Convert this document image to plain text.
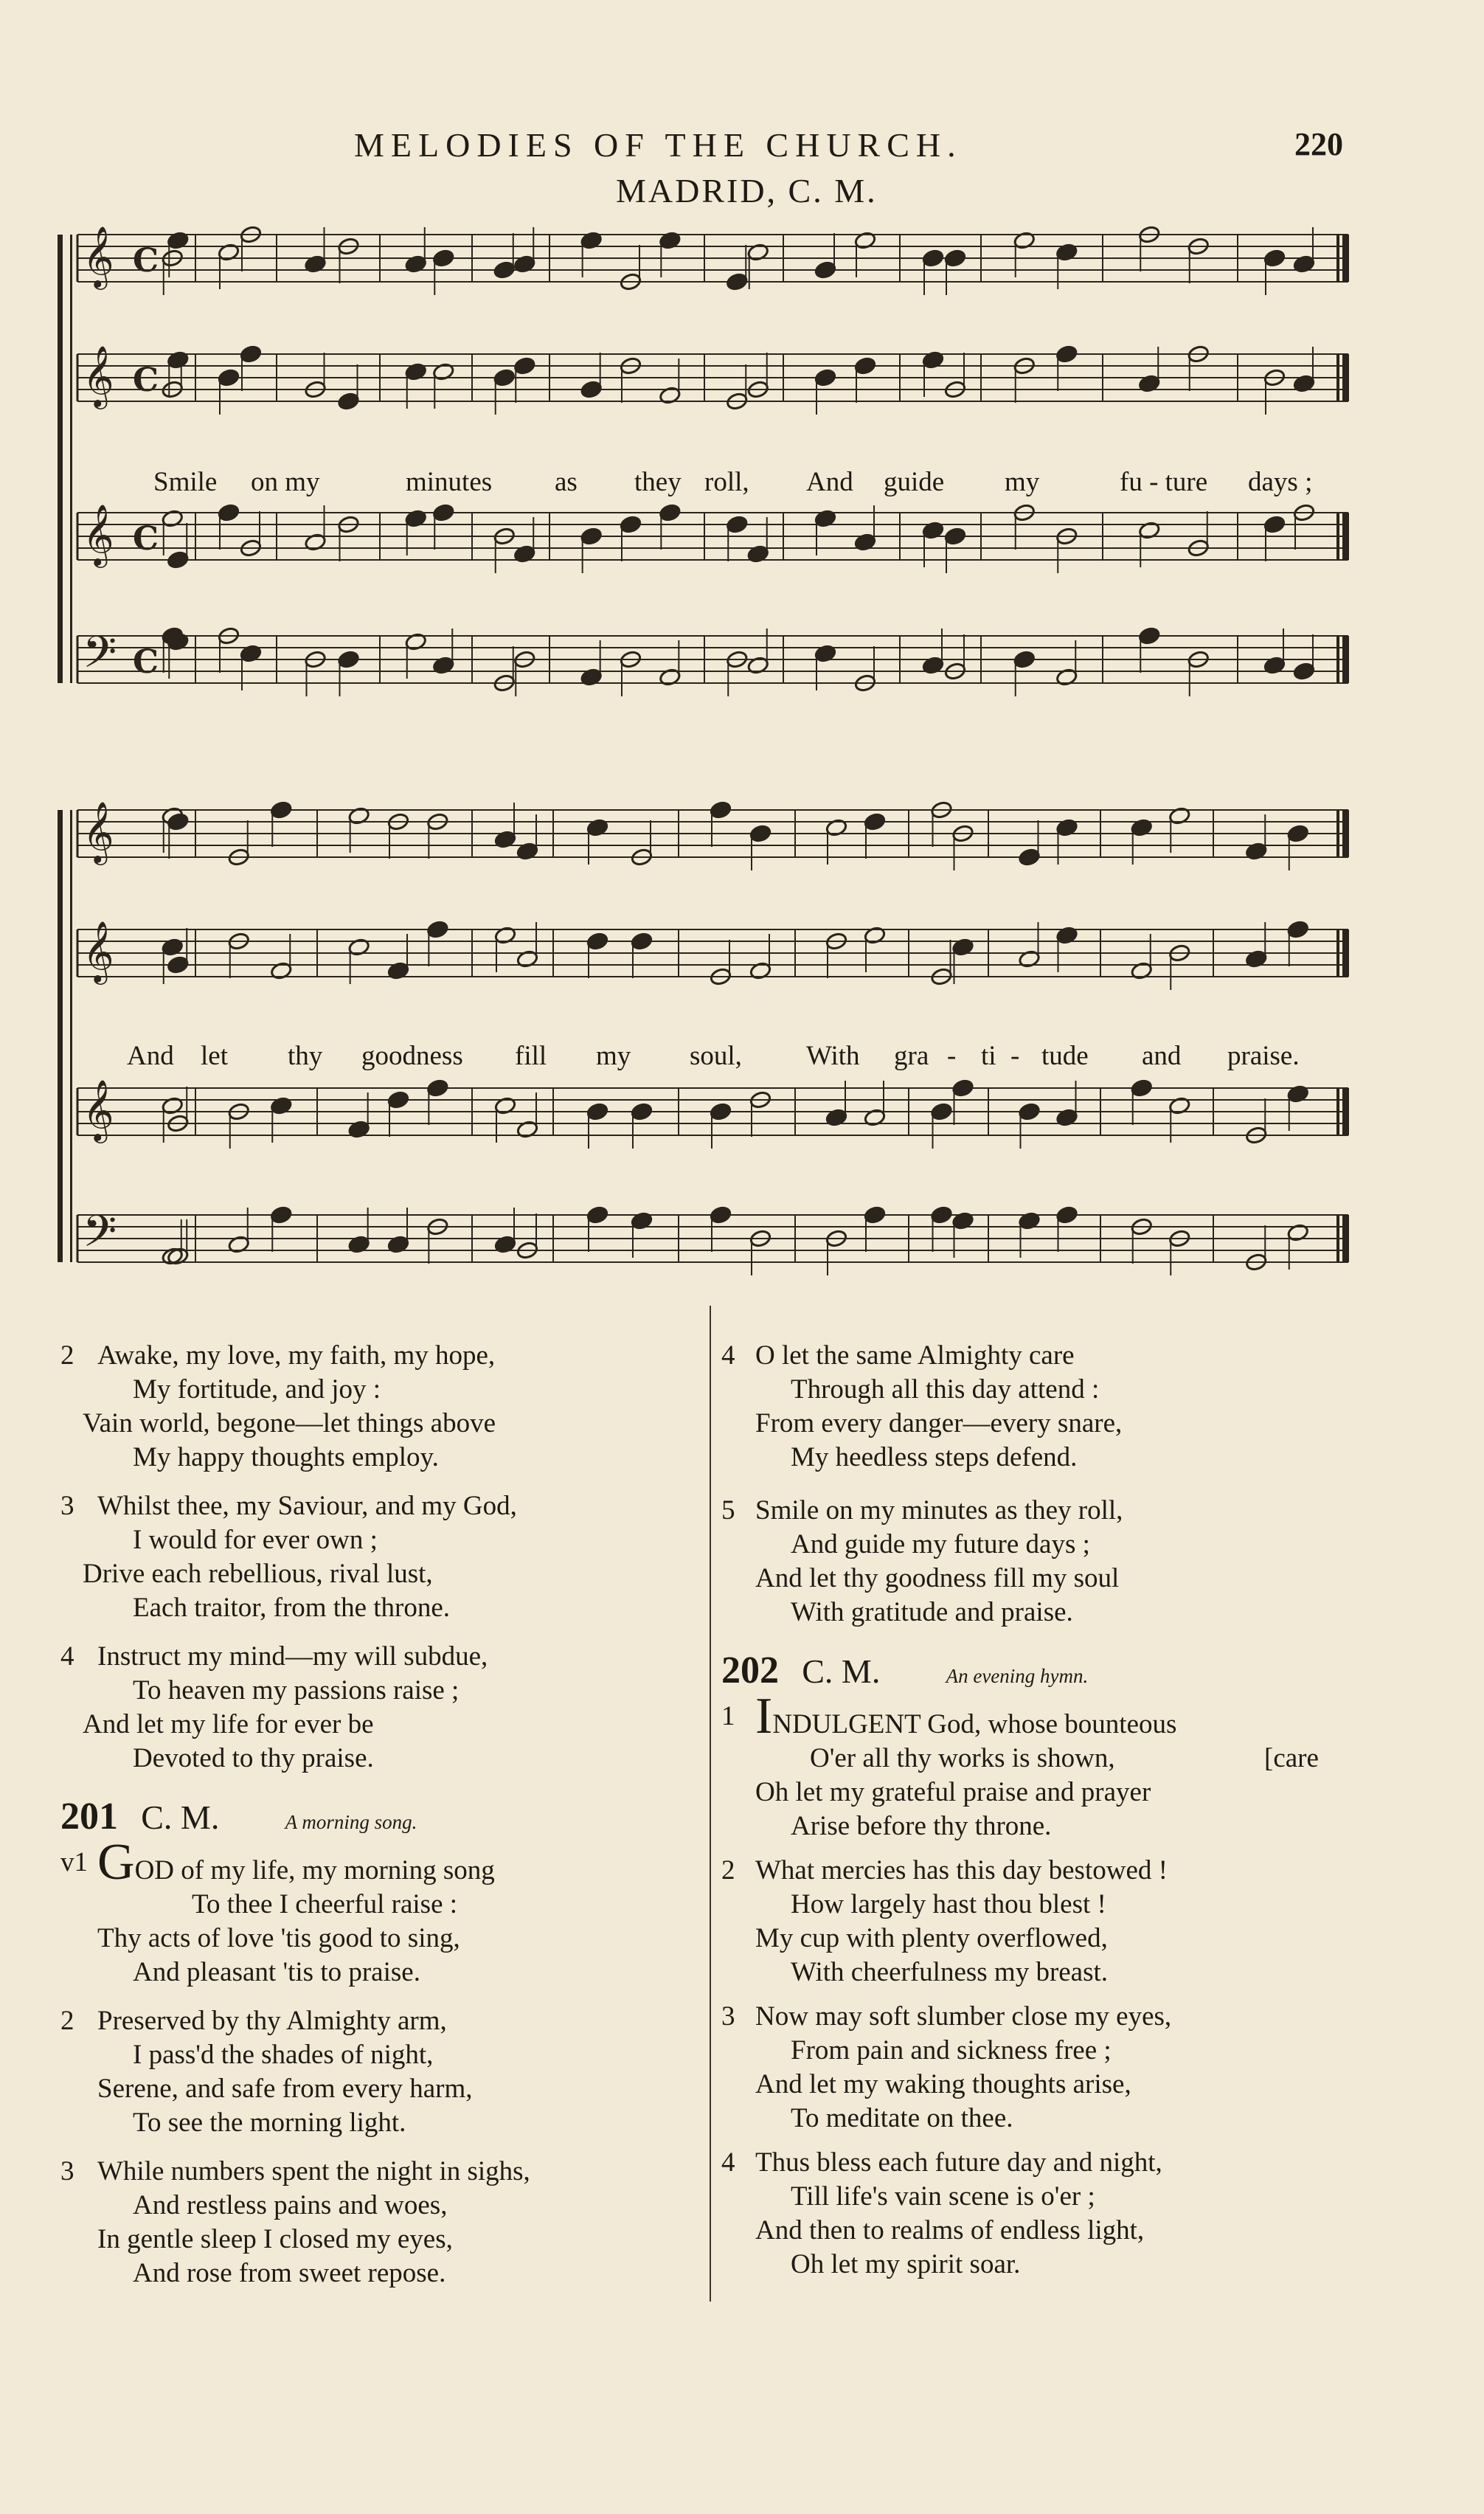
MELODIES OF THE CHURCH.	220
MADRID, C. M.
𝄞 C
𝄞 C
𝄞 C
𝄢 C
𝄞
𝄞
𝄞
𝄢
Smile on my	minutes as they roll, And guide my	fu - ture days ;
And let thy goodness fill my soul, With gra - ti - tude and praise.
2 Awake, my love, my faith, my hope,
My fortitude, and joy :
Vain world, begone—let things above
My happy thoughts employ.
3 Whilst thee, my Saviour, and my God,
I would for ever own ;
Drive each rebellious, rival lust,
Each traitor, from the throne.
4 Instruct my mind—my will subdue,
To heaven my passions raise ;
And let my life for ever be
Devoted to thy praise.
201 C. M.	A morning song.
v1 GOD of my life, my morning song
To thee I cheerful raise :
Thy acts of love 'tis good to sing,
And pleasant 'tis to praise.
2 Preserved by thy Almighty arm,
I pass'd the shades of night,
Serene, and safe from every harm,
To see the morning light.
3 While numbers spent the night in sighs,
And restless pains and woes,
In gentle sleep I closed my eyes,
And rose from sweet repose.
4 O let the same Almighty care
Through all this day attend :
From every danger—every snare,
My heedless steps defend.
5 Smile on my minutes as they roll,
And guide my future days ;
And let thy goodness fill my soul
With gratitude and praise.
202 C. M.	An evening hymn.
1 INDULGENT God, whose bounteous
O'er all thy works is shown,	[care
Oh let my grateful praise and prayer
Arise before thy throne.
2 What mercies has this day bestowed !
How largely hast thou blest !
My cup with plenty overflowed,
With cheerfulness my breast.
3 Now may soft slumber close my eyes,
From pain and sickness free ;
And let my waking thoughts arise,
To meditate on thee.
4 Thus bless each future day and night,
Till life's vain scene is o'er ;
And then to realms of endless light,
Oh let my spirit soar.
